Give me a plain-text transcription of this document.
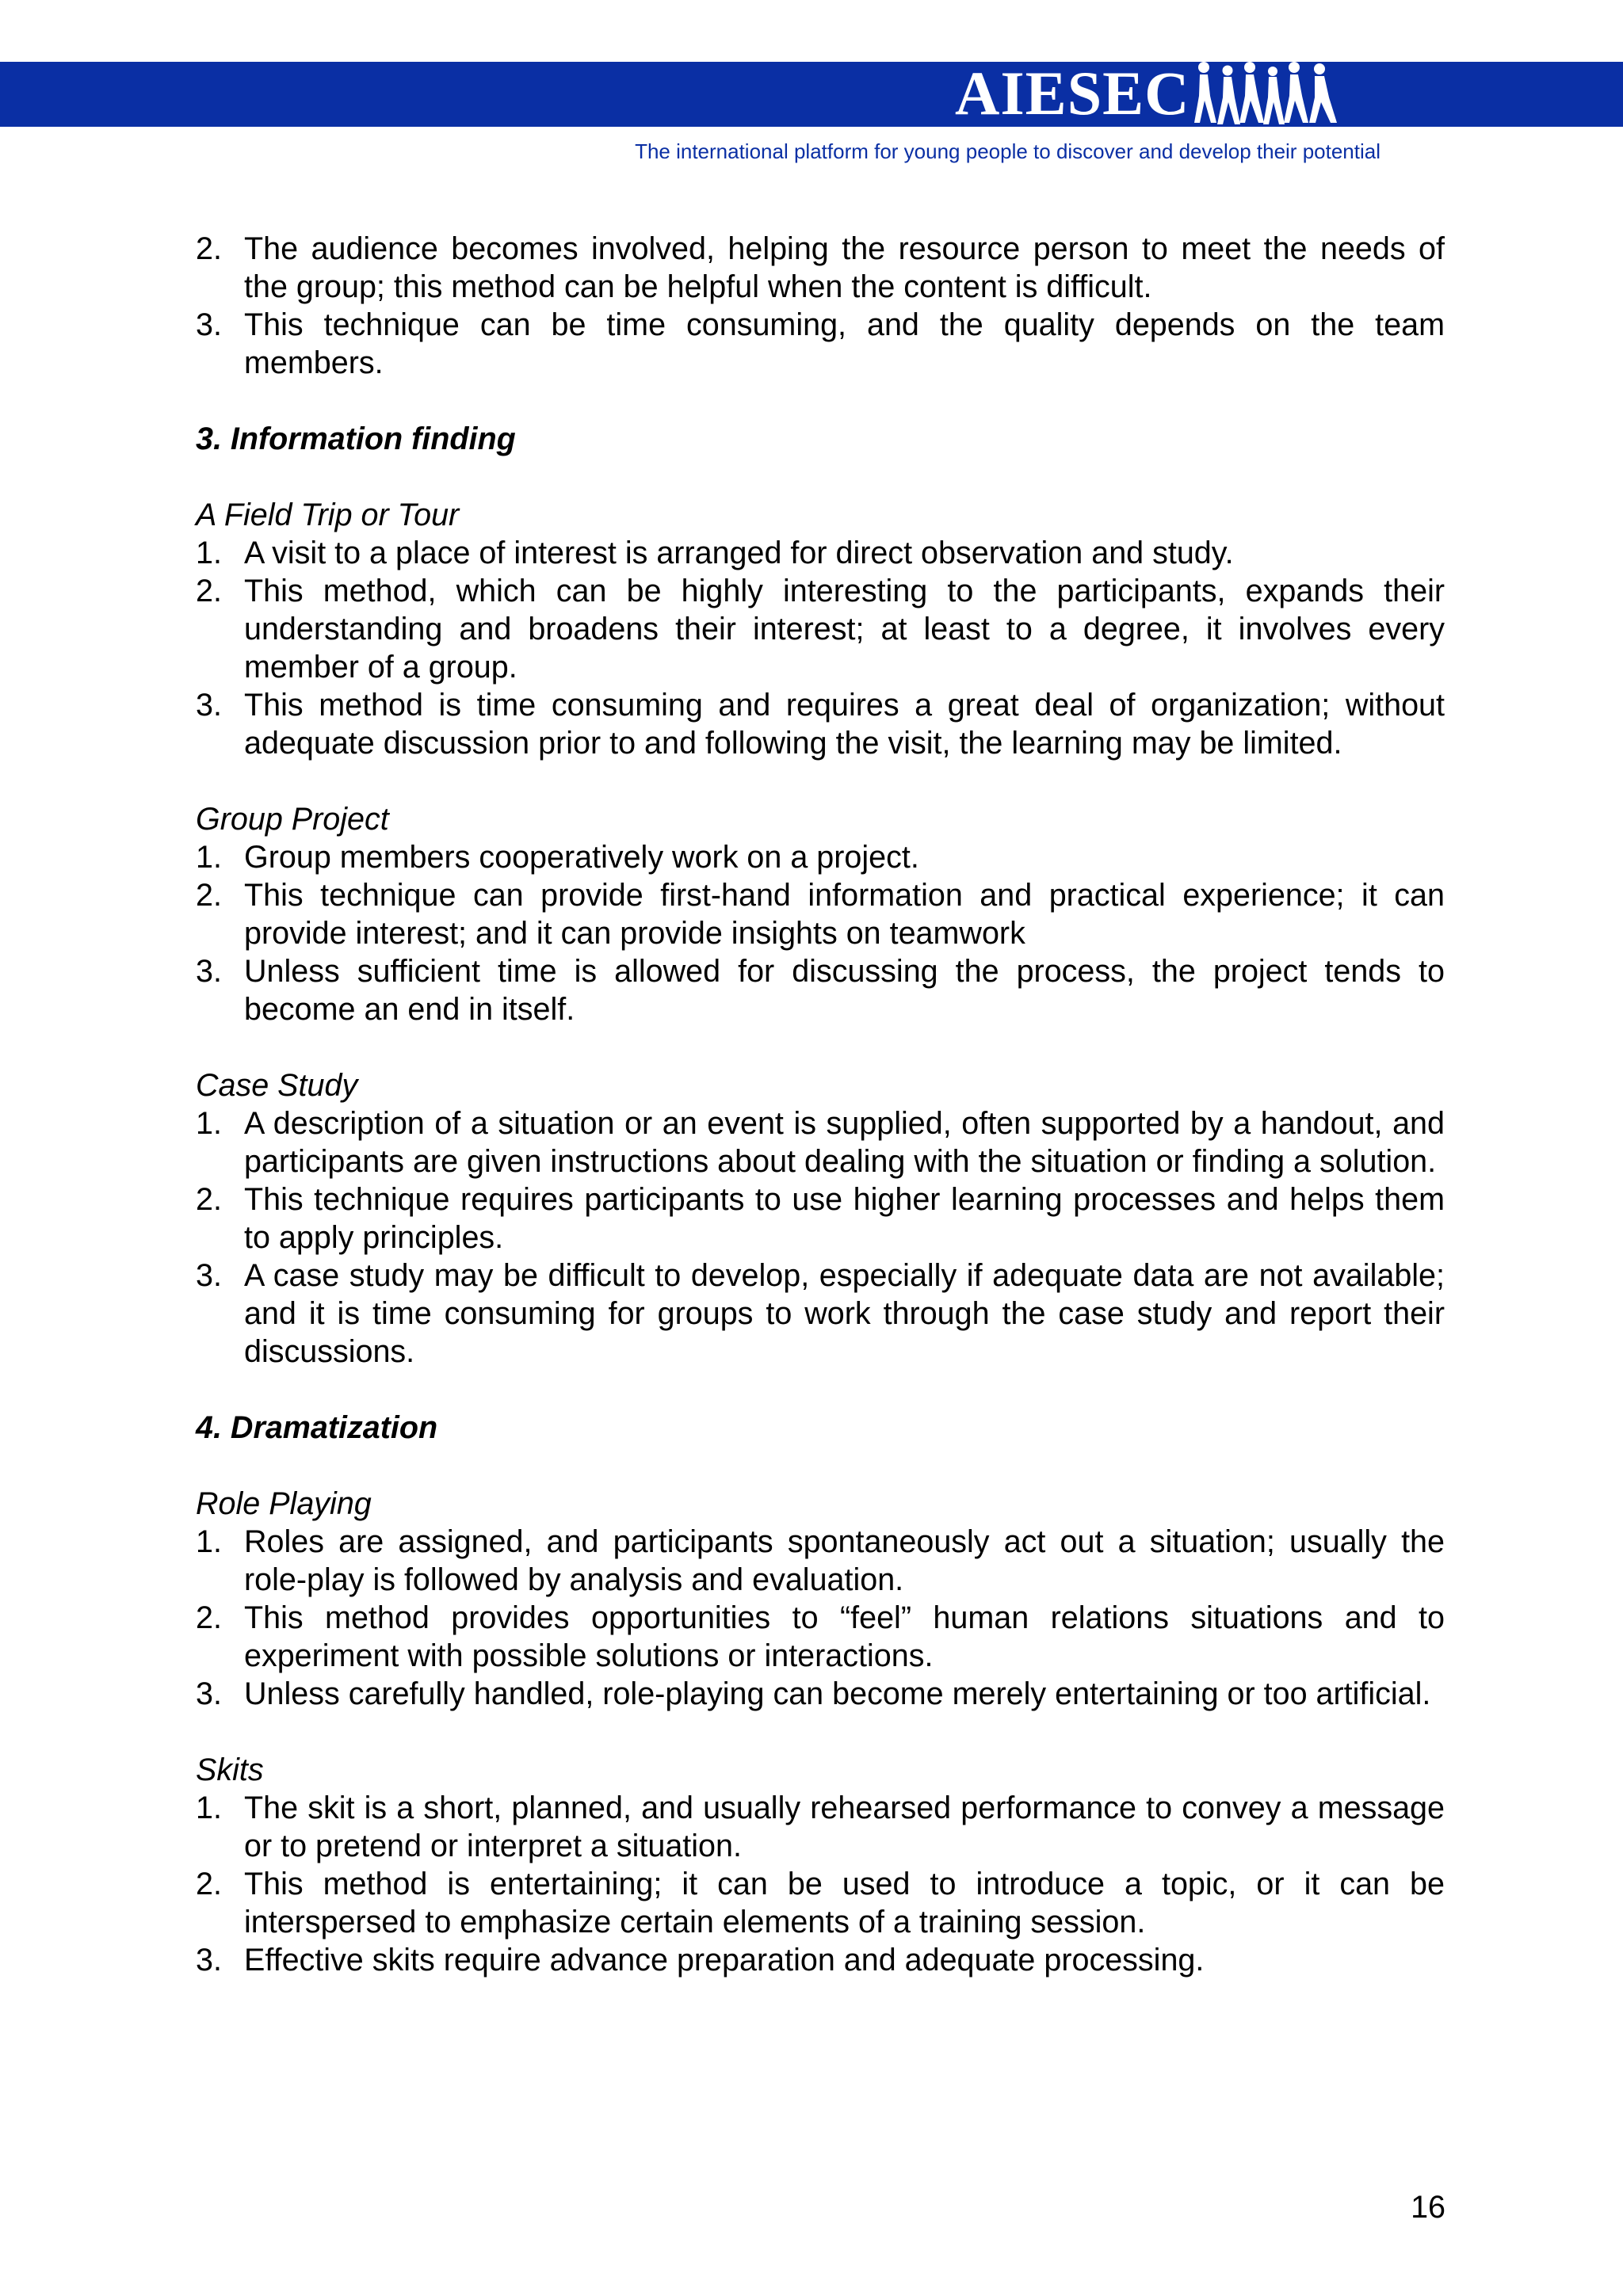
AIESEC
The international platform for young people to discover and develop their potential
2. The audience becomes involved, helping the resource person to meet the needs of the group; this method can be helpful when the content is difficult.
3. This technique can be time consuming, and the quality depends on the team members.
3. Information finding
A Field Trip or Tour
1. A visit to a place of interest is arranged for direct observation and study.
2. This method, which can be highly interesting to the participants, expands their understanding and broadens their interest; at least to a degree, it involves every member of a group.
3. This method is time consuming and requires a great deal of organization; without adequate discussion prior to and following the visit, the learning may be limited.
Group Project
1. Group members cooperatively work on a project.
2. This technique can provide first-hand information and practical experience; it can provide interest; and it can provide insights on teamwork
3. Unless sufficient time is allowed for discussing the process, the project tends to become an end in itself.
Case Study
1. A description of a situation or an event is supplied, often supported by a handout, and participants are given instructions about dealing with the situation or finding a solution.
2. This technique requires participants to use higher learning processes and helps them to apply principles.
3. A case study may be difficult to develop, especially if adequate data are not available; and it is time consuming for groups to work through the case study and report their discussions.
4. Dramatization
Role Playing
1. Roles are assigned, and participants spontaneously act out a situation; usually the role-play is followed by analysis and evaluation.
2. This method provides opportunities to “feel” human relations situations and to experiment with possible solutions or interactions.
3. Unless carefully handled, role-playing can become merely entertaining or too artificial.
Skits
1. The skit is a short, planned, and usually rehearsed performance to convey a message or to pretend or interpret a situation.
2. This method is entertaining; it can be used to introduce a topic, or it can be interspersed to emphasize certain elements of a training session.
3. Effective skits require advance preparation and adequate processing.
16
